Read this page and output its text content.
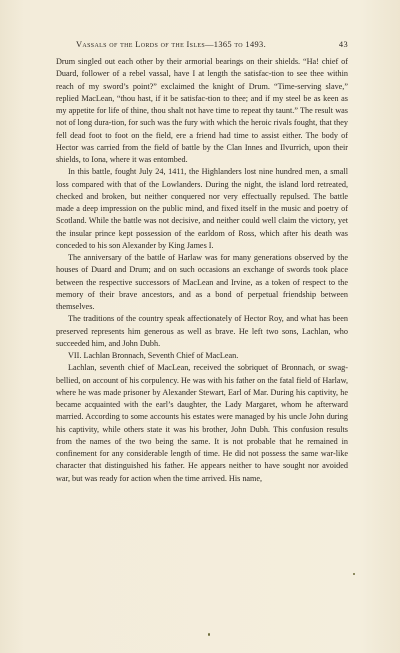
Vassals of the Lords of the Isles—1365 to 1493.	43

Drum singled out each other by their armorial bearings on their shields. “Ha! chief of Duard, follower of a rebel vassal, have I at length the satisfac-tion to see thee within reach of my sword’s point?” exclaimed the knight of Drum. “Time-serving slave,” replied MacLean, “thou hast, if it be satisfac-tion to thee; and if my steel be as keen as my appetite for life of thine, thou shalt not have time to repeat thy taunt.” The result was not of long dura-tion, for such was the fury with which the heroic rivals fought, that they fell dead foot to foot on the field, ere a friend had time to assist either. The body of Hector was carried from the field of battle by the Clan Innes and Ilvurrich, upon their shields, to Iona, where it was entombed.

In this battle, fought July 24, 1411, the Highlanders lost nine hundred men, a small loss compared with that of the Lowlanders. During the night, the island lord retreated, checked and broken, but neither conquered nor very effectually repulsed. The battle made a deep impression on the public mind, and fixed itself in the music and poetry of Scotland. While the battle was not decisive, and neither could well claim the victory, yet the insular prince kept possession of the earldom of Ross, which after his death was conceded to his son Alexander by King James I.

The anniversary of the battle of Harlaw was for many generations observed by the houses of Duard and Drum; and on such occasions an exchange of swords took place between the respective successors of MacLean and Irvine, as a token of respect to the memory of their brave ancestors, and as a bond of perpetual friendship between themselves.

The traditions of the country speak affectionately of Hector Roy, and what has been preserved represents him generous as well as brave. He left two sons, Lachlan, who succeeded him, and John Dubh.

VII. Lachlan Bronnach, Seventh Chief of MacLean.

Lachlan, seventh chief of MacLean, received the sobriquet of Bronnach, or swag-bellied, on account of his corpulency. He was with his father on the fatal field of Harlaw, where he was made prisoner by Alexander Stewart, Earl of Mar. During his captivity, he became acquainted with the earl’s daughter, the Lady Margaret, whom he afterward married. According to some accounts his estates were managed by his uncle John during his captivity, while others state it was his brother, John Dubh. This confusion results from the names of the two being the same. It is not probable that he remained in confinement for any considerable length of time. He did not possess the same war-like character that distinguished his father. He appears neither to have sought nor avoided war, but was ready for action when the time arrived. His name,
